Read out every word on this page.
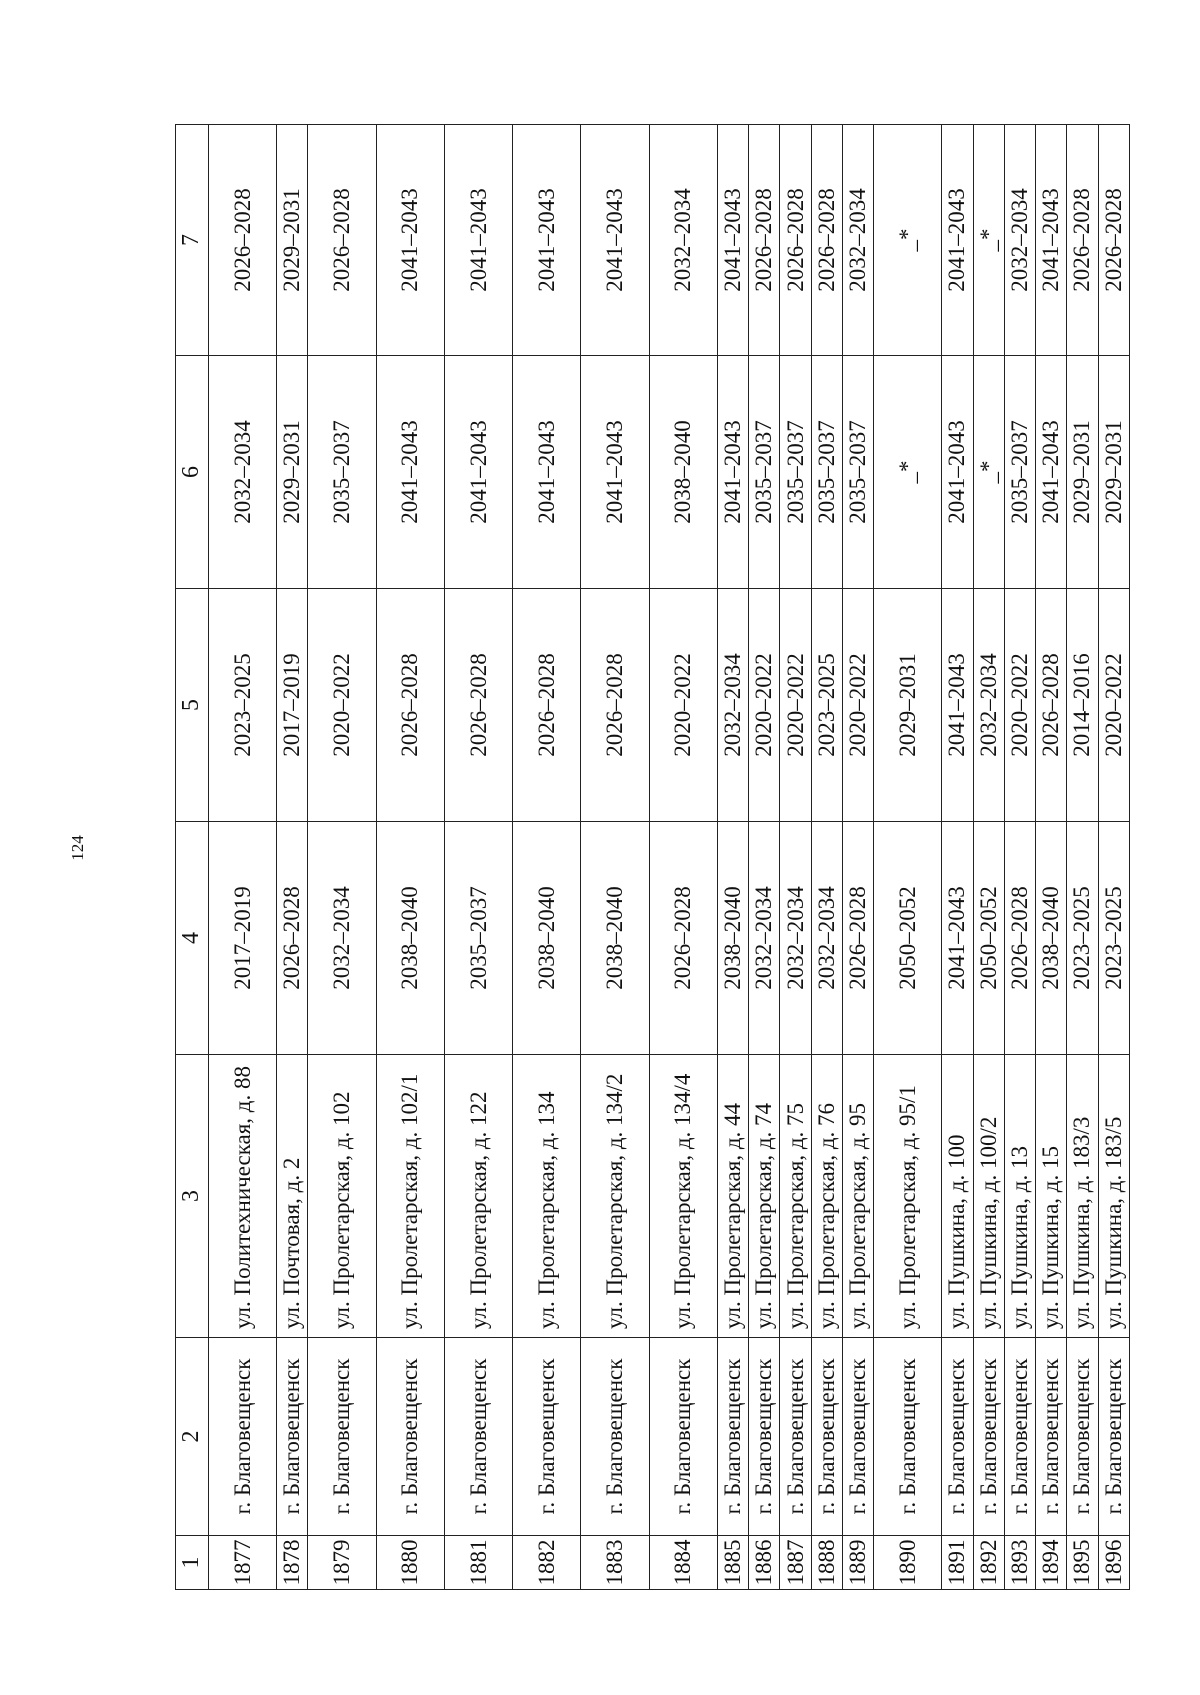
124
1	2	3	4	5	6	7
1877	г. Благовещенск	ул. Политехническая, д. 88	2017–2019	2023–2025	2032–2034	2026–2028
1878	г. Благовещенск	ул. Почтовая, д. 2	2026–2028	2017–2019	2029–2031	2029–2031
1879	г. Благовещенск	ул. Пролетарская, д. 102	2032–2034	2020–2022	2035–2037	2026–2028
1880	г. Благовещенск	ул. Пролетарская, д. 102/1	2038–2040	2026–2028	2041–2043	2041–2043
1881	г. Благовещенск	ул. Пролетарская, д. 122	2035–2037	2026–2028	2041–2043	2041–2043
1882	г. Благовещенск	ул. Пролетарская, д. 134	2038–2040	2026–2028	2041–2043	2041–2043
1883	г. Благовещенск	ул. Пролетарская, д. 134/2	2038–2040	2026–2028	2041–2043	2041–2043
1884	г. Благовещенск	ул. Пролетарская, д. 134/4	2026–2028	2020–2022	2038–2040	2032–2034
1885	г. Благовещенск	ул. Пролетарская, д. 44	2038–2040	2032–2034	2041–2043	2041–2043
1886	г. Благовещенск	ул. Пролетарская, д. 74	2032–2034	2020–2022	2035–2037	2026–2028
1887	г. Благовещенск	ул. Пролетарская, д. 75	2032–2034	2020–2022	2035–2037	2026–2028
1888	г. Благовещенск	ул. Пролетарская, д. 76	2032–2034	2023–2025	2035–2037	2026–2028
1889	г. Благовещенск	ул. Пролетарская, д. 95	2026–2028	2020–2022	2035–2037	2032–2034
1890	г. Благовещенск	ул. Пролетарская, д. 95/1	2050–2052	2029–2031	_*	_*
1891	г. Благовещенск	ул. Пушкина, д. 100	2041–2043	2041–2043	2041–2043	2041–2043
1892	г. Благовещенск	ул. Пушкина, д. 100/2	2050–2052	2032–2034	_*	_*
1893	г. Благовещенск	ул. Пушкина, д. 13	2026–2028	2020–2022	2035–2037	2032–2034
1894	г. Благовещенск	ул. Пушкина, д. 15	2038–2040	2026–2028	2041–2043	2041–2043
1895	г. Благовещенск	ул. Пушкина, д. 183/3	2023–2025	2014–2016	2029–2031	2026–2028
1896	г. Благовещенск	ул. Пушкина, д. 183/5	2023–2025	2020–2022	2029–2031	2026–2028
